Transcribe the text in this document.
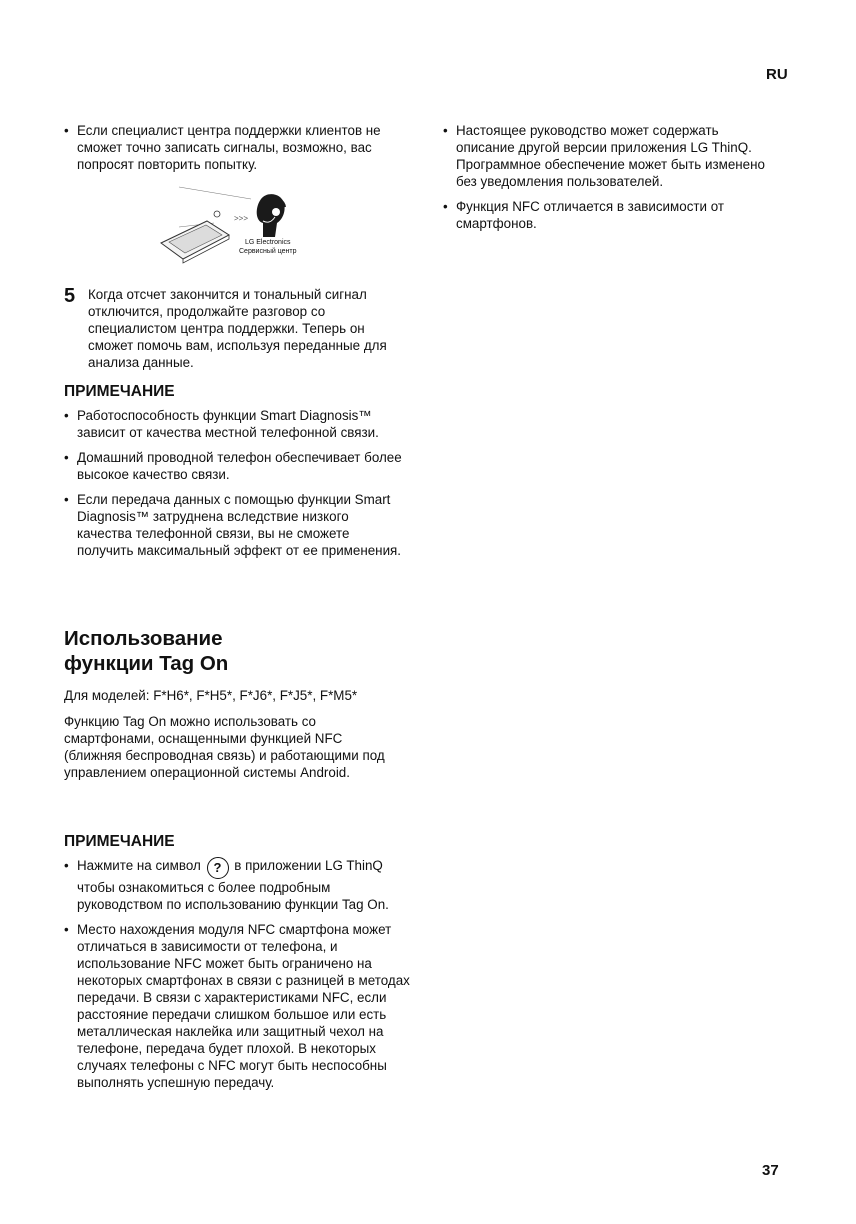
RU

• Если специалист центра поддержки клиентов не сможет точно записать сигналы, возможно, вас попросят повторить попытку.

>>>
LG Electronics
Сервисный центр
5 Когда отсчет закончится и тональный сигнал отключится, продолжайте разговор со специалистом центра поддержки. Теперь он сможет помочь вам, используя переданные для анализа данные.
ПРИМЕЧАНИЕ

• Работоспособность функции Smart Diagnosis™ зависит от качества местной телефонной связи.

• Домашний проводной телефон обеспечивает более высокое качество связи.

• Если передача данных с помощью функции Smart Diagnosis™ затруднена вследствие низкого качества телефонной связи, вы не сможете получить максимальный эффект от ее применения.

Использование
функции Tag On
Для моделей: F*H6*, F*H5*, F*J6*, F*J5*, F*M5*
Функцию Tag On можно использовать со смартфонами, оснащенными функцией NFC (ближняя беспроводная связь) и работающими под управлением операционной системы Android.
ПРИМЕЧАНИЕ

• Нажмите на символ ? в приложении LG ThinQ чтобы ознакомиться с более подробным руководством по использованию функции Tag On.

• Место нахождения модуля NFC смартфона может отличаться в зависимости от телефона, и использование NFC может быть ограничено на некоторых смартфонах в связи с разницей в методах передачи. В связи с характеристиками NFC, если расстояние передачи слишком большое или есть металлическая наклейка или защитный чехол на телефоне, передача будет плохой. В некоторых случаях телефоны с NFC могут быть неспособны выполнять успешную передачу.

• Настоящее руководство может содержать описание другой версии приложения LG ThinQ. Программное обеспечение может быть изменено без уведомления пользователей.

• Функция NFC отличается в зависимости от смартфонов.

37
